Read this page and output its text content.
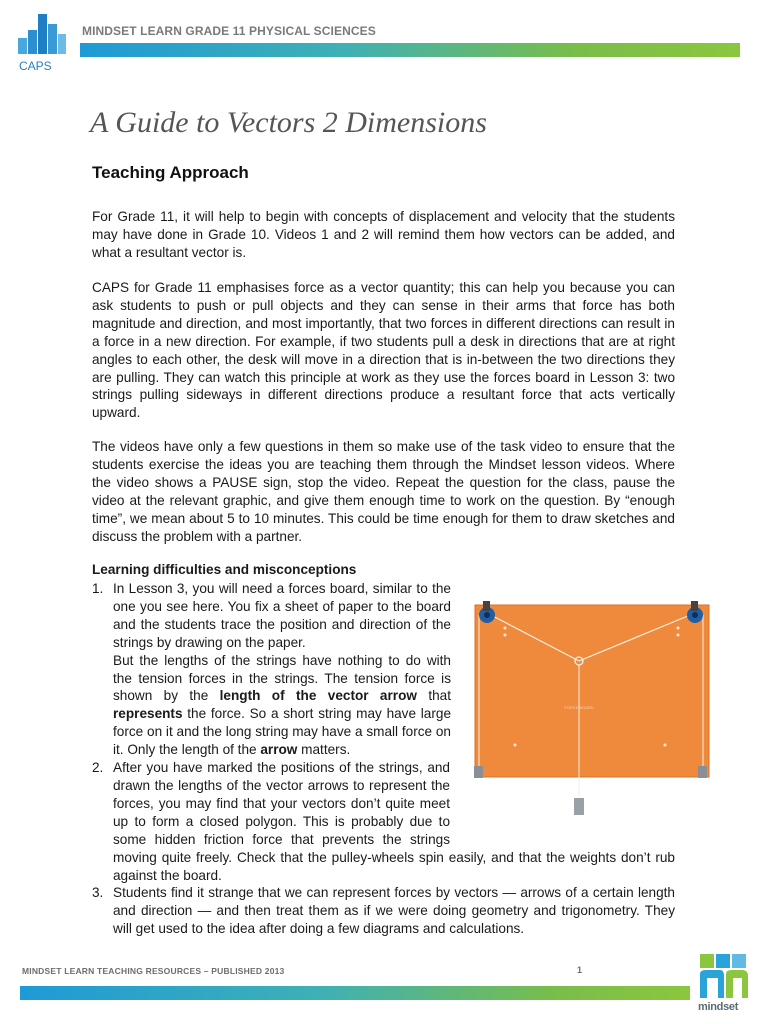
CAPS
MINDSET LEARN GRADE 11 PHYSICAL SCIENCES
A Guide to Vectors 2 Dimensions
Teaching Approach
For Grade 11, it will help to begin with concepts of displacement and velocity that the students may have done in Grade 10. Videos 1 and 2 will remind them how vectors can be added, and what a resultant vector is.
CAPS for Grade 11 emphasises force as a vector quantity; this can help you because you can ask students to push or pull objects and they can sense in their arms that force has both magnitude and direction, and most importantly, that two forces in different directions can result in a force in a new direction. For example, if two students pull a desk in directions that are at right angles to each other, the desk will move in a direction that is in-between the two directions they are pulling. They can watch this principle at work as they use the forces board in Lesson 3: two strings pulling sideways in different directions produce a resultant force that acts vertically upward.
The videos have only a few questions in them so make use of the task video to ensure that the students exercise the ideas you are teaching them through the Mindset lesson videos. Where the video shows a PAUSE sign, stop the video. Repeat the question for the class, pause the video at the relevant graphic, and give them enough time to work on the question. By “enough time”, we mean about 5 to 10 minutes. This could be time enough for them to draw sketches and discuss the problem with a partner.
Learning difficulties and misconceptions
FORCE BOARD
1. In Lesson 3, you will need a forces board, similar to the one you see here. You fix a sheet of paper to the board and the students trace the position and direction of the strings by drawing on the paper.
But the lengths of the strings have nothing to do with the tension forces in the strings. The tension force is shown by the length of the vector arrow that represents the force. So a short string may have large force on it and the long string may have a small force on it. Only the length of the arrow matters.
2. After you have marked the positions of the strings, and drawn the lengths of the vector arrows to represent the forces, you may find that your vectors don’t quite meet up to form a closed polygon. This is probably due to some hidden friction force that prevents the strings moving quite freely. Check that the pulley-wheels spin easily, and that the weights don’t rub against the board.
3. Students find it strange that we can represent forces by vectors — arrows of a certain length and direction — and then treat them as if we were doing geometry and trigonometry. They will get used to the idea after doing a few diagrams and calculations.
MINDSET LEARN TEACHING RESOURCES – PUBLISHED 2013	1
mindset
